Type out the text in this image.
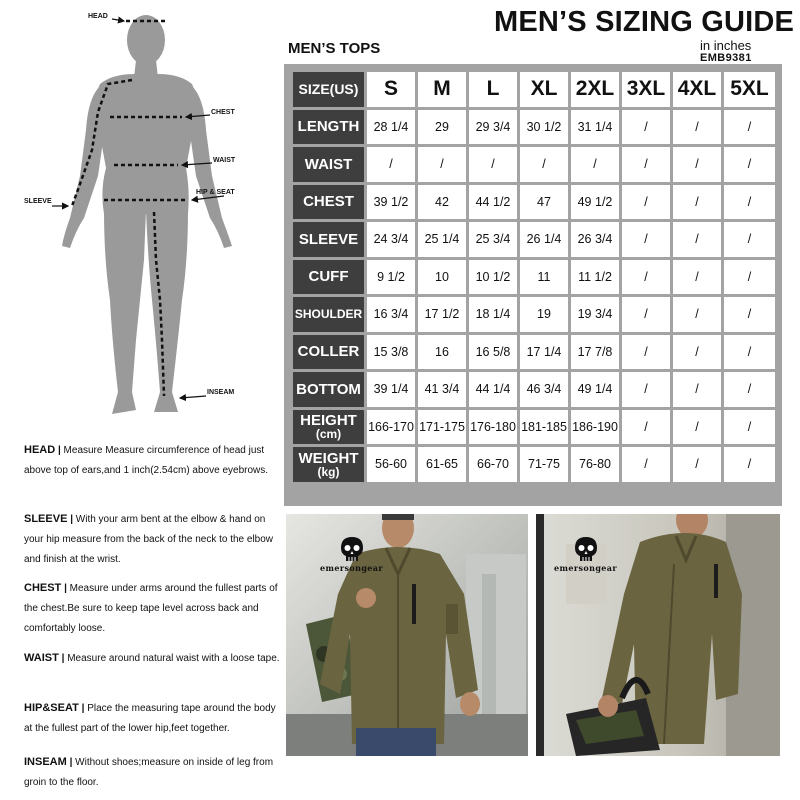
MEN’S SIZING GUIDE
in inches
EMB9381
MEN’S TOPS
HEAD
CHEST
WAIST
HIP & SEAT
SLEEVE
INSEAM
SIZE(US)	S	M	L	XL	2XL	3XL	4XL	5XL
LENGTH	28 1/4	29	29 3/4	30 1/2	31 1/4	/	/	/
WAIST	/	/	/	/	/	/	/	/
CHEST	39 1/2	42	44 1/2	47	49 1/2	/	/	/
SLEEVE	24 3/4	25 1/4	25 3/4	26 1/4	26 3/4	/	/	/
CUFF	9 1/2	10	10 1/2	11	11 1/2	/	/	/
SHOULDER	16 3/4	17 1/2	18 1/4	19	19 3/4	/	/	/
COLLER	15 3/8	16	16 5/8	17 1/4	17 7/8	/	/	/
BOTTOM	39 1/4	41 3/4	44 1/4	46 3/4	49 1/4	/	/	/
HEIGHT
(cm)	166-170	171-175	176-180	181-185	186-190	/	/	/
WEIGHT
(kg)	56-60	61-65	66-70	71-75	76-80	/	/	/
HEAD | Measure Measure circumference of head just above top of ears,and 1 inch(2.54cm) above eyebrows.
SLEEVE | With your arm bent at the elbow & hand on your hip measure from the back of the neck to the elbow and finish at the wrist.
CHEST | Measure under arms around the fullest parts of the chest.Be sure to keep tape level across back and comfortably loose.
WAIST | Measure around natural waist with a loose tape.
HIP&SEAT | Place the measuring tape around the body at the fullest part of the lower hip,feet together.
INSEAM | Without shoes;measure on inside of leg from groin to the floor.
emersongear	emersongear
